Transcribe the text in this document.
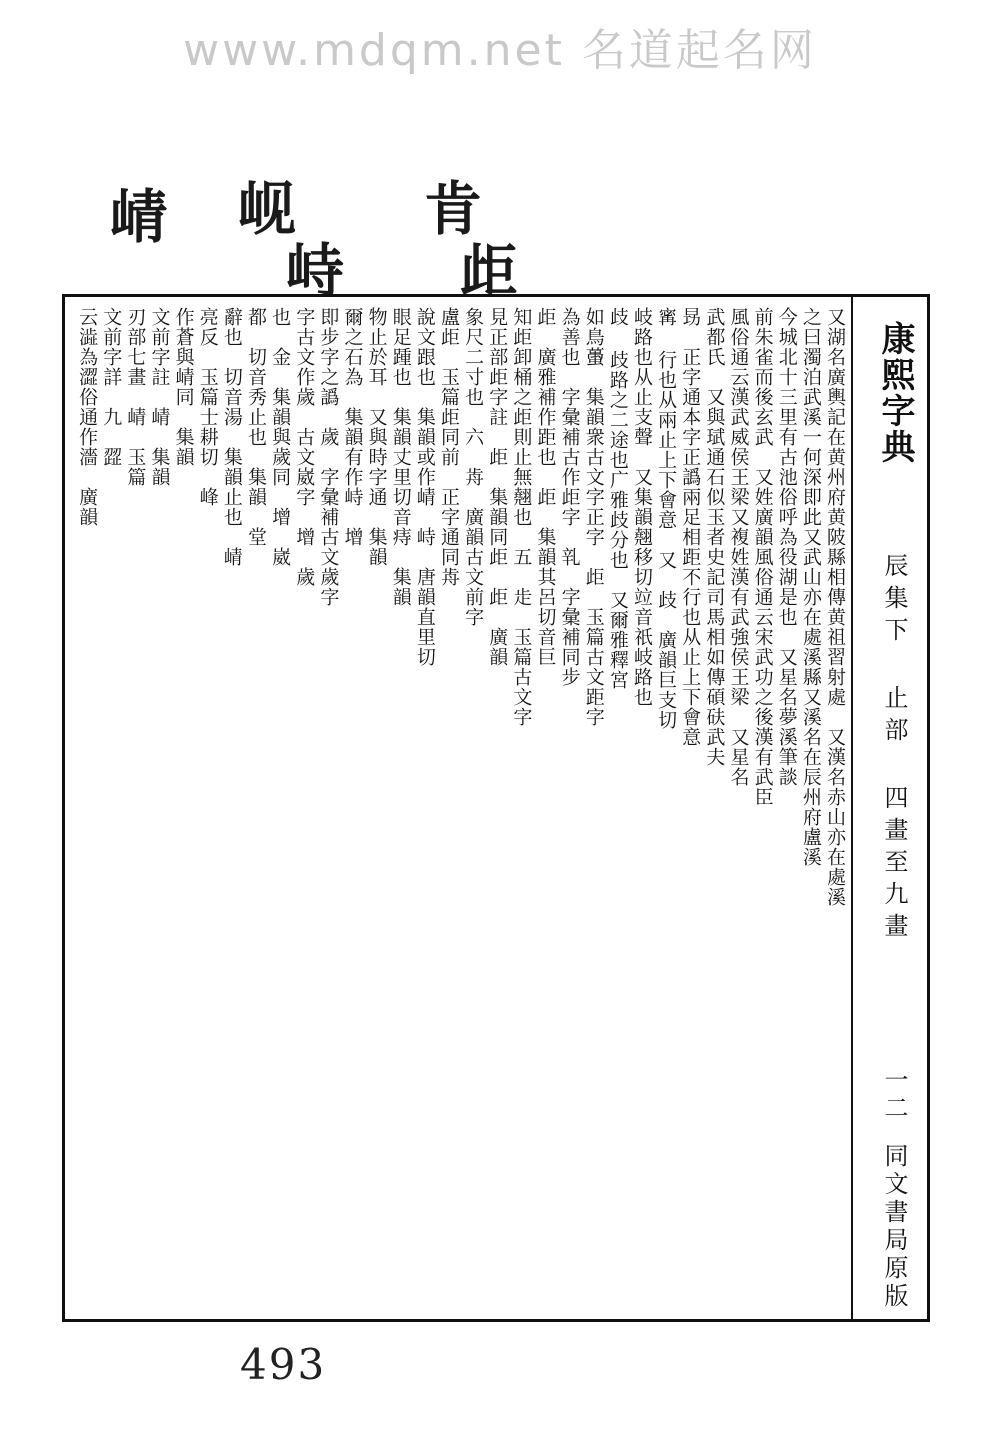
www.mdqm.net 名道起名网
崝 岘
峙
肯
歫
康熙字典
辰集下 止部 四畫至九畫
一二
同文書局原版
又湖名廣輿記在黄州府黄陂縣相傳黄祖習射處　又漢名赤山亦在處溪
之曰濁泊武溪一何深即此又武山亦在處溪縣又溪名在辰州府盧溪
今城北十三里有古池俗呼為役湖是也　又星名夢溪筆談
前朱雀而後玄武　又姓廣韻風俗通云宋武功之後漢有武臣
風俗通云漢武威侯王梁又複姓漢有武強侯王梁　又星名
武都氏　又與珷通石似玉者史記司馬相如傳碩砆武夫
昮　正字通本字正譌兩足相距不行也从止上下會意
寗 行也从兩止上下會意　又　歧　廣韻巨支切
岐路也从止支聲　又集韻翹移切竝音祇岐路也
歧 歧路之二途也广雅歧分也　又爾雅釋宮
如鳥蠆　集韻衆古文字正字　歫　玉篇古文距字
為善也　字彙補古作歫字　乵　字彙補同步
歫　廣雅補作距也　歫　集韻其呂切音巨
知歫卸桶之歫則止無翹也　五　歨　玉篇古文字
見正部歫字註　歫　集韻同歫　歫　廣韻
象尺二寸也　六　歬　廣韻古文前字
盧歫　玉篇歫同前　正字通同歬
說文跟也　集韻或作崝　峙　唐韻直里切
眼足踵也　集韻丈里切音痔　集韻
物止於耳　又與時字通　集韻
爾之石為　集韻有作峙　增
即步字之譌　歲　字彙補古文歲字
字古文作歲　古文崴字　增　歲
也　金　集韻與歲同　增　崴
都　切音秀止也　集韻　堂
辭也　切音湯　集韻止也　崝
亮反　玉篇士耕切　峰
作蒼與崝同　集韻
文前字註　崝　集韻
刃部七畫　崝　玉篇
文前字詳　九　歰
云澁為澀俗通作濇　廣韻
493
